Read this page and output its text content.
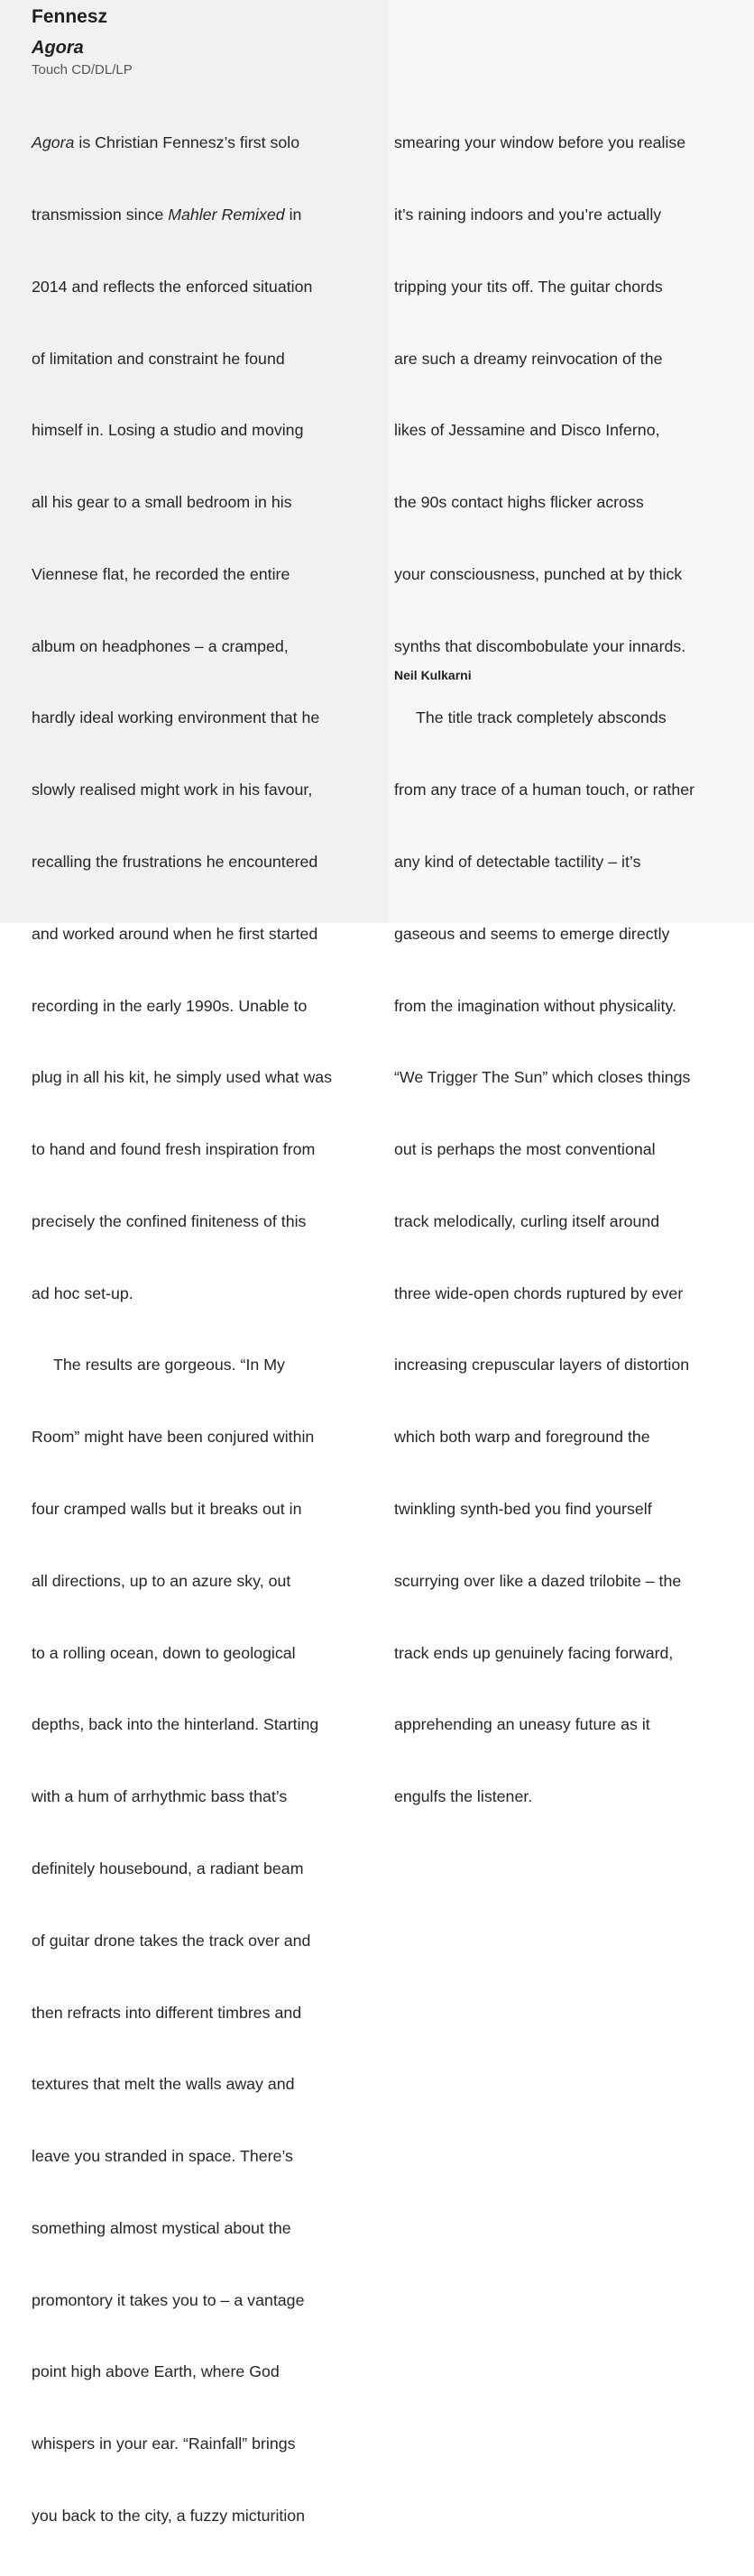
Fennesz
Agora

Touch CD/DL/LP

Agora is Christian Fennesz’s first solo

transmission since Mahler Remixed in

2014 and reflects the enforced situation

of limitation and constraint he found

himself in. Losing a studio and moving

all his gear to a small bedroom in his

Viennese flat, he recorded the entire

album on headphones – a cramped,

hardly ideal working environment that he

slowly realised might work in his favour,

recalling the frustrations he encountered

and worked around when he first started

recording in the early 1990s. Unable to

plug in all his kit, he simply used what was

to hand and found fresh inspiration from

precisely the confined finiteness of this

ad hoc set-up.

The results are gorgeous. “In My

Room” might have been conjured within

four cramped walls but it breaks out in

all directions, up to an azure sky, out

to a rolling ocean, down to geological

depths, back into the hinterland. Starting

with a hum of arrhythmic bass that’s

definitely housebound, a radiant beam

of guitar drone takes the track over and

then refracts into different timbres and

textures that melt the walls away and

leave you stranded in space. There’s

something almost mystical about the

promontory it takes you to – a vantage

point high above Earth, where God

whispers in your ear. “Rainfall” brings

you back to the city, a fuzzy micturition

smearing your window before you realise

it’s raining indoors and you’re actually

tripping your tits off. The guitar chords

are such a dreamy reinvocation of the

likes of Jessamine and Disco Inferno,

the 90s contact highs flicker across

your consciousness, punched at by thick

synths that discombobulate your innards.

The title track completely absconds

from any trace of a human touch, or rather

any kind of detectable tactility – it’s

gaseous and seems to emerge directly

from the imagination without physicality.

“We Trigger The Sun” which closes things

out is perhaps the most conventional

track melodically, curling itself around

three wide-open chords ruptured by ever

increasing crepuscular layers of distortion

which both warp and foreground the

twinkling synth-bed you find yourself

scurrying over like a dazed trilobite – the

track ends up genuinely facing forward,

apprehending an uneasy future as it

engulfs the listener.

Neil Kulkarni
